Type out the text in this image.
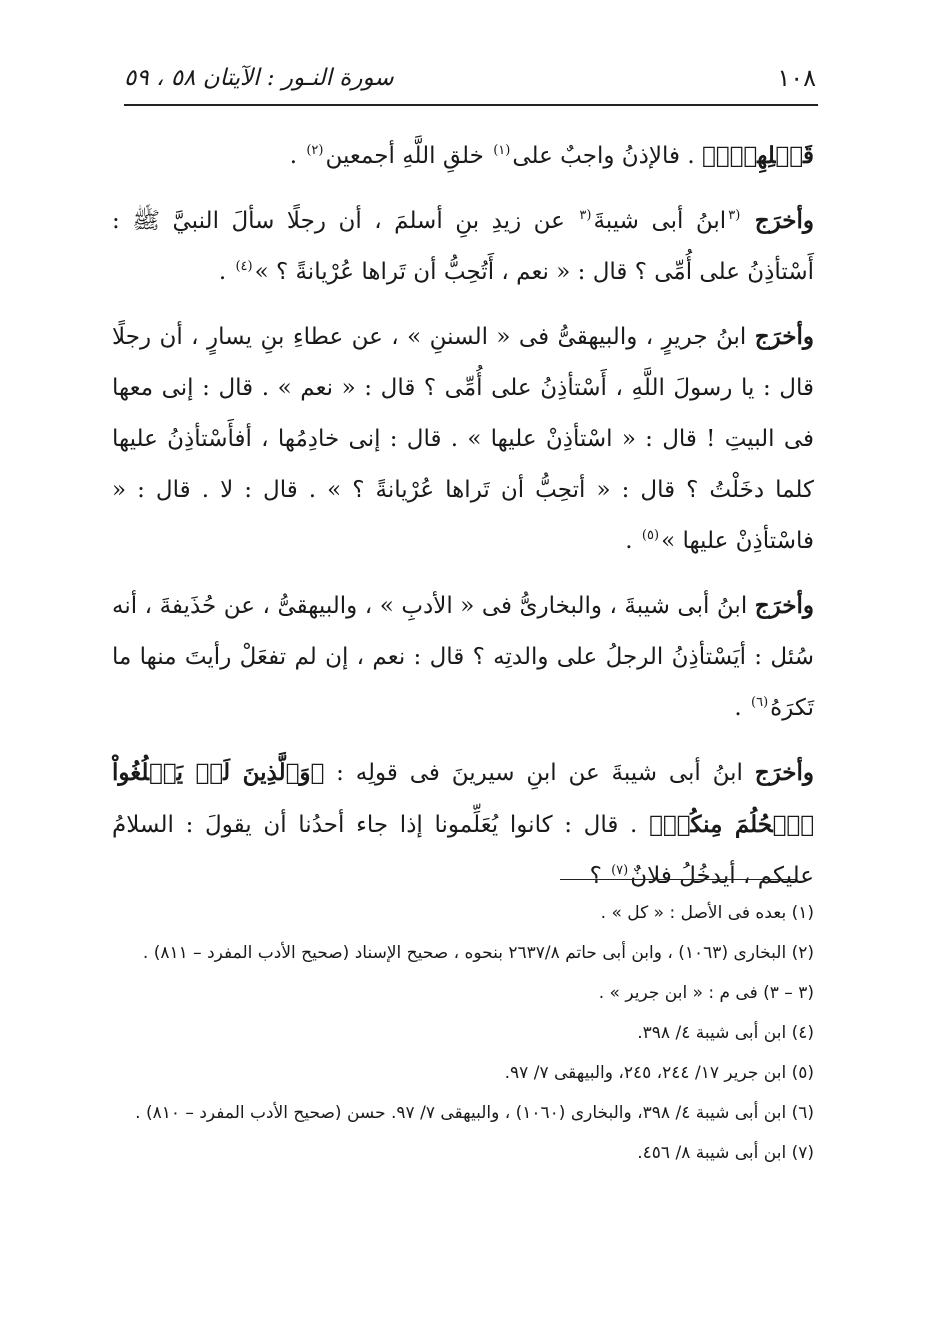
١٠٨
سورة النـور : الآيتان ٥٨ ، ٥٩

قَبۡلِهِمۡۚ﴾ . فالإذنُ واجبٌ على$^{(١)}$ خلقِ اللَّهِ أجمعين$^{(٢)}$ .

وأخرَج $^{(٣}$ابنُ أبى شيبةَ$^{(٣}$ عن زيدِ بنِ أسلمَ ، أن رجلًا سألَ النبيَّ ﷺ : أَسْتأذِنُ على أُمِّى ؟ قال : « نعم ، أَتُحِبُّ أن تَراها عُرْيانةً ؟ »$^{(٤)}$ .

وأخرَج ابنُ جريرٍ ، والبيهقىُّ فى « السننِ » ، عن عطاءِ بنِ يسارٍ ، أن رجلًا قال : يا رسولَ اللَّهِ ، أَسْتأذِنُ على أُمِّى ؟ قال : « نعم » . قال : إنى معها فى البيتِ ! قال : « اسْتأذِنْ عليها » . قال : إنى خادِمُها ، أفأَسْتأذِنُ عليها كلما دخَلْتُ ؟ قال : « أتحِبُّ أن تَراها عُرْيانةً ؟ » . قال : لا . قال : « فاسْتأذِنْ عليها »$^{(٥)}$ .

وأخرَج ابنُ أبى شيبةَ ، والبخارىُّ فى « الأدبِ » ، والبيهقىُّ ، عن حُذَيفةَ ، أنه سُئل : أيَسْتأذِنُ الرجلُ على والدتِه ؟ قال : نعم ، إن لم تفعَلْ رأيتَ منها ما تَكرَهُ$^{(٦)}$ .

وأخرَج ابنُ أبى شيبةَ عن ابنِ سيرينَ فى قولِه : ﴿وَٱلَّذِينَ لَمۡ يَبۡلُغُواْ ٱلۡحُلُمَ مِنكُمۡ﴾ . قال : كانوا يُعَلِّمونا إذا جاء أحدُنا أن يقولَ : السلامُ عليكم ، أيدخُلُ فلانٌ$^{(٧)}$ ؟

(١) بعده فى الأصل : « كل » .
(٢) البخارى (١٠٦٣) ، وابن أبى حاتم ٢٦٣٧/٨ بنحوه ، صحيح الإسناد (صحيح الأدب المفرد – ٨١١) .
(٣ – ٣) فى م : « ابن جرير » .
(٤) ابن أبى شيبة ٤/ ٣٩٨.
(٥) ابن جرير ١٧/ ٢٤٤، ٢٤٥، والبيهقى ٧/ ٩٧.
(٦) ابن أبى شيبة ٤/ ٣٩٨، والبخارى (١٠٦٠) ، والبيهقى ٧/ ٩٧. حسن (صحيح الأدب المفرد – ٨١٠) .
(٧) ابن أبى شيبة ٨/ ٤٥٦.
